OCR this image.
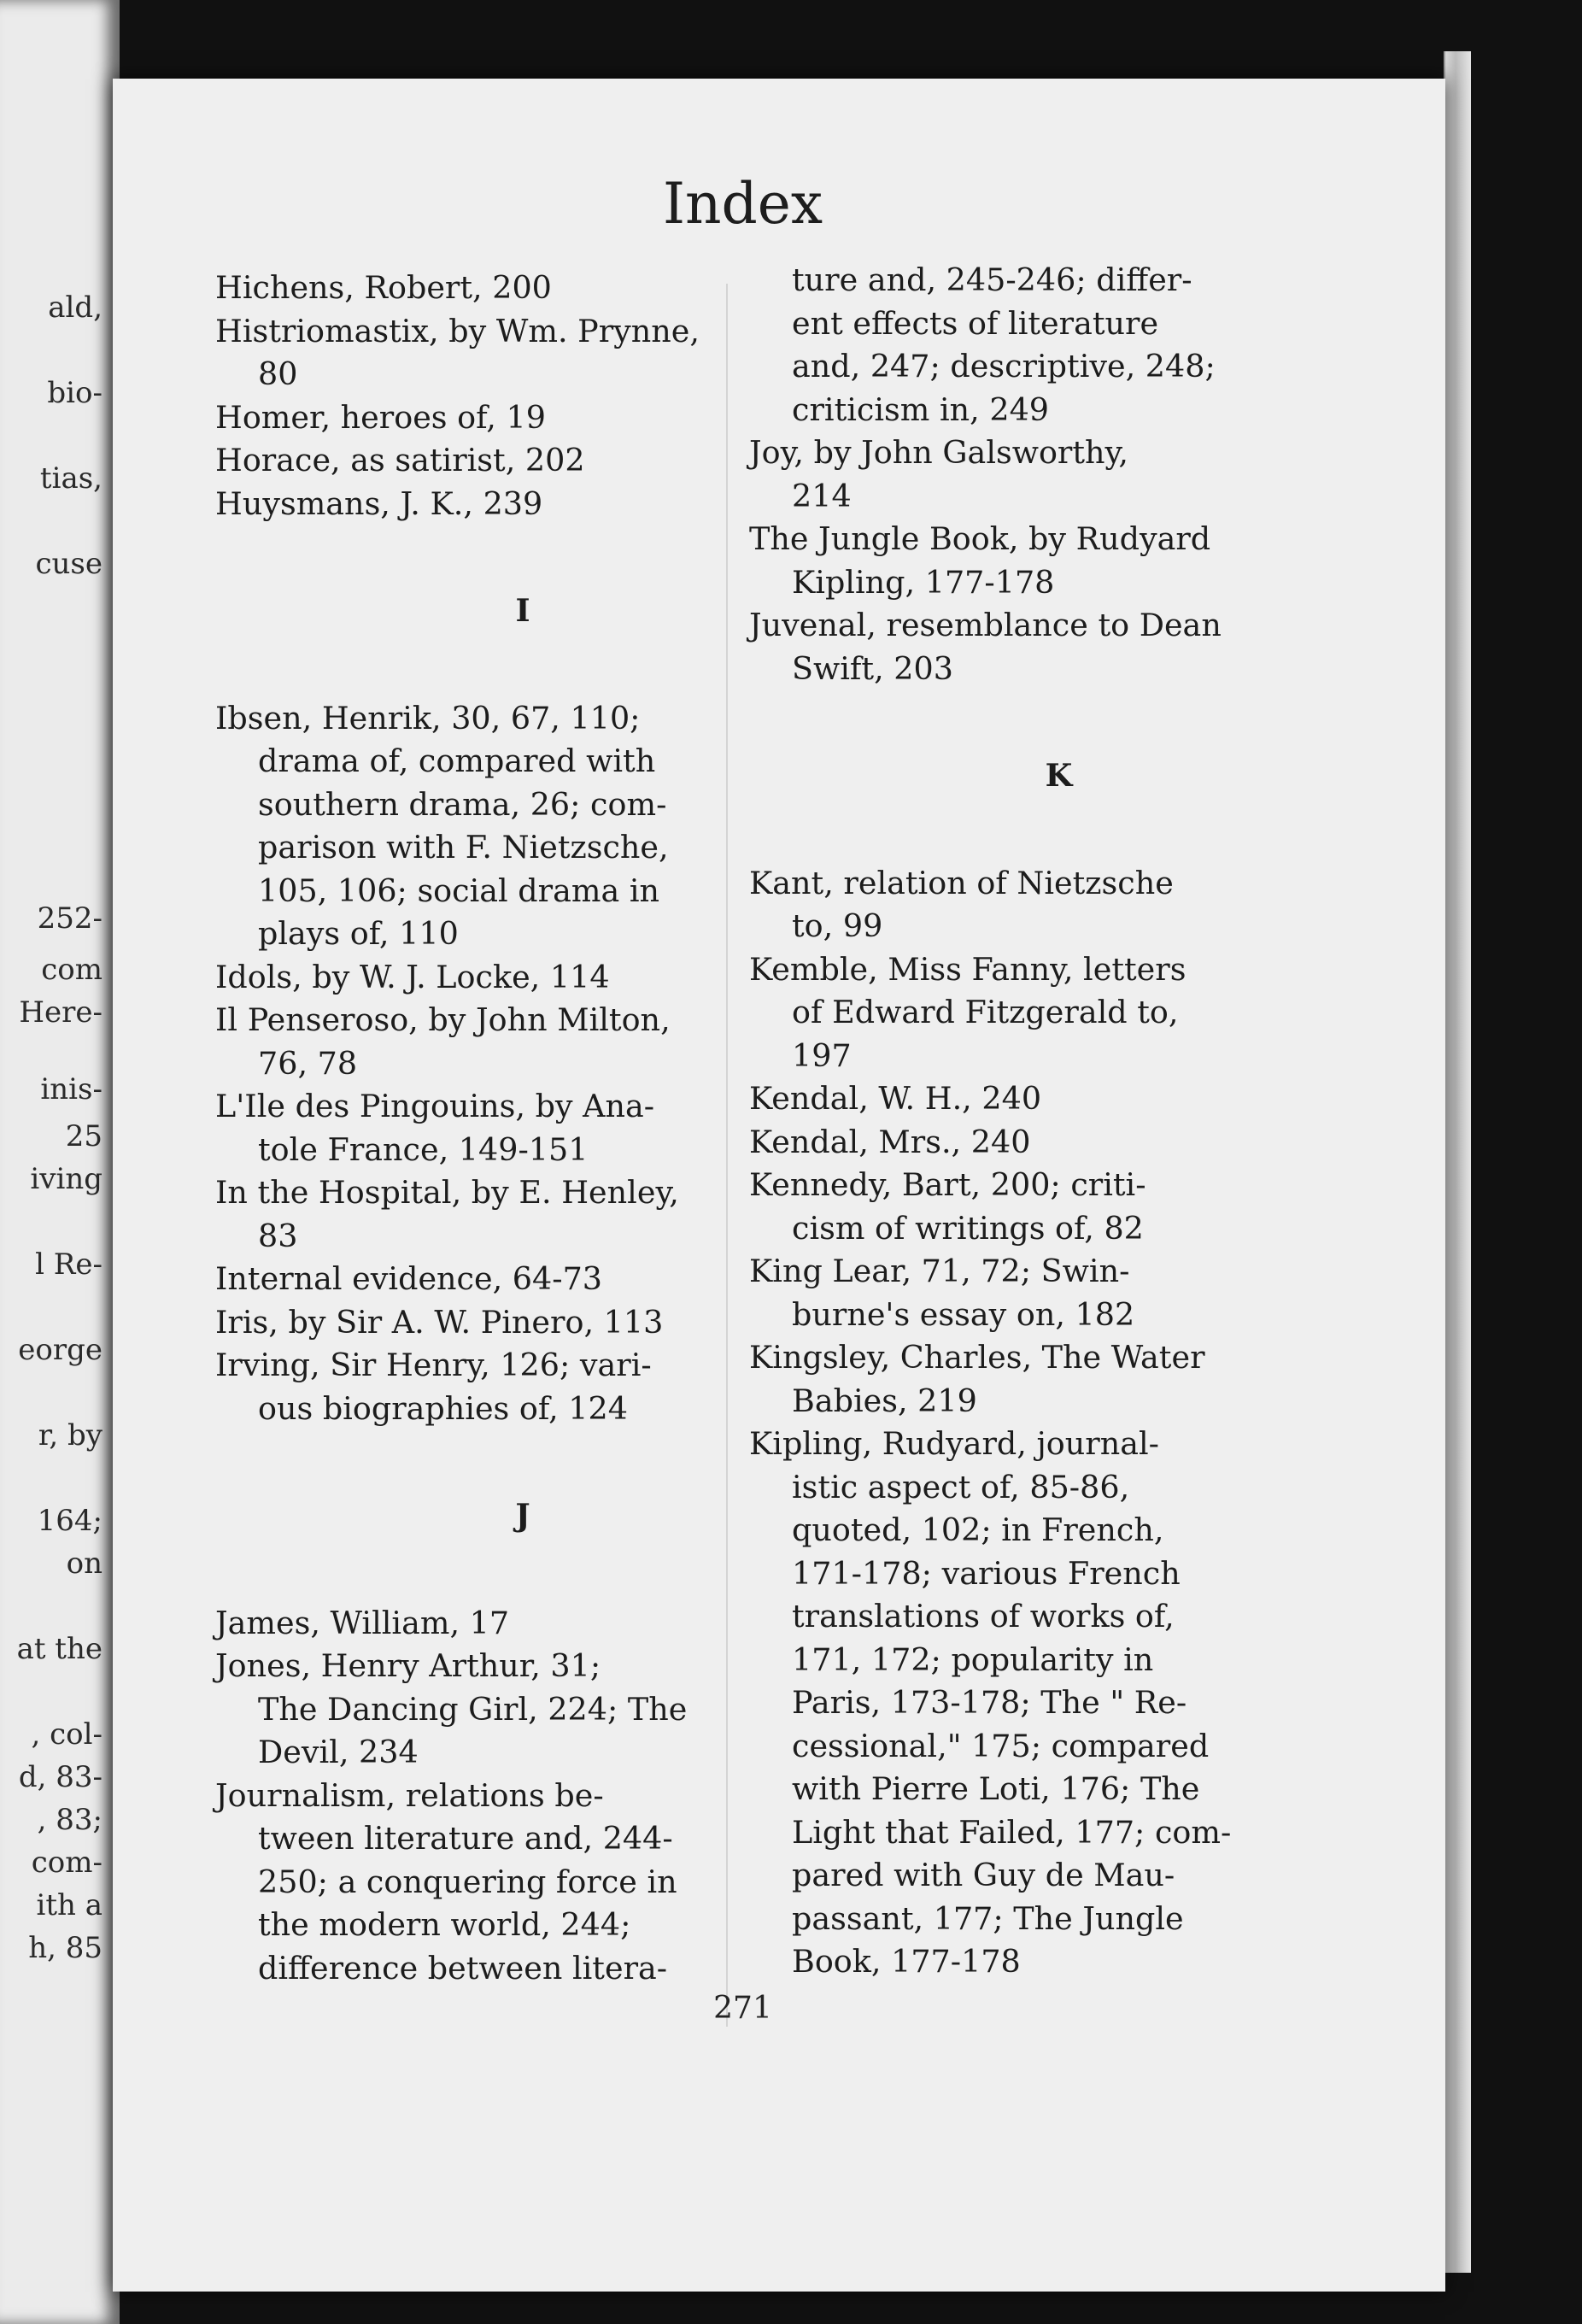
ald,
bio-
tias,
cuse
252-
com
Here-
inis-
25
iving
l Re-
eorge
r, by
164;
on
at the
, col-
d, 83-
, 83;
com-
ith a
h, 85
Index
Hichens, Robert, 200
Histriomastix, by Wm. Prynne,
80
Homer, heroes of, 19
Horace, as satirist, 202
Huysmans, J. K., 239
I
Ibsen, Henrik, 30, 67, 110;
drama of, compared with
southern drama, 26; com-
parison with F. Nietzsche,
105, 106; social drama in
plays of, 110
Idols, by W. J. Locke, 114
Il Penseroso, by John Milton,
76, 78
L'Ile des Pingouins, by Ana-
tole France, 149-151
In the Hospital, by E. Henley,
83
Internal evidence, 64-73
Iris, by Sir A. W. Pinero, 113
Irving, Sir Henry, 126; vari-
ous biographies of, 124
J
James, William, 17
Jones, Henry Arthur, 31;
The Dancing Girl, 224; The
Devil, 234
Journalism, relations be-
tween literature and, 244-
250; a conquering force in
the modern world, 244;
difference between litera-
ture and, 245-246; differ-
ent effects of literature
and, 247; descriptive, 248;
criticism in, 249
Joy, by John Galsworthy,
214
The Jungle Book, by Rudyard
Kipling, 177-178
Juvenal, resemblance to Dean
Swift, 203
K
Kant, relation of Nietzsche
to, 99
Kemble, Miss Fanny, letters
of Edward Fitzgerald to,
197
Kendal, W. H., 240
Kendal, Mrs., 240
Kennedy, Bart, 200; criti-
cism of writings of, 82
King Lear, 71, 72; Swin-
burne's essay on, 182
Kingsley, Charles, The Water
Babies, 219
Kipling, Rudyard, journal-
istic aspect of, 85-86,
quoted, 102; in French,
171-178; various French
translations of works of,
171, 172; popularity in
Paris, 173-178; The " Re-
cessional," 175; compared
with Pierre Loti, 176; The
Light that Failed, 177; com-
pared with Guy de Mau-
passant, 177; The Jungle
Book, 177-178
271
